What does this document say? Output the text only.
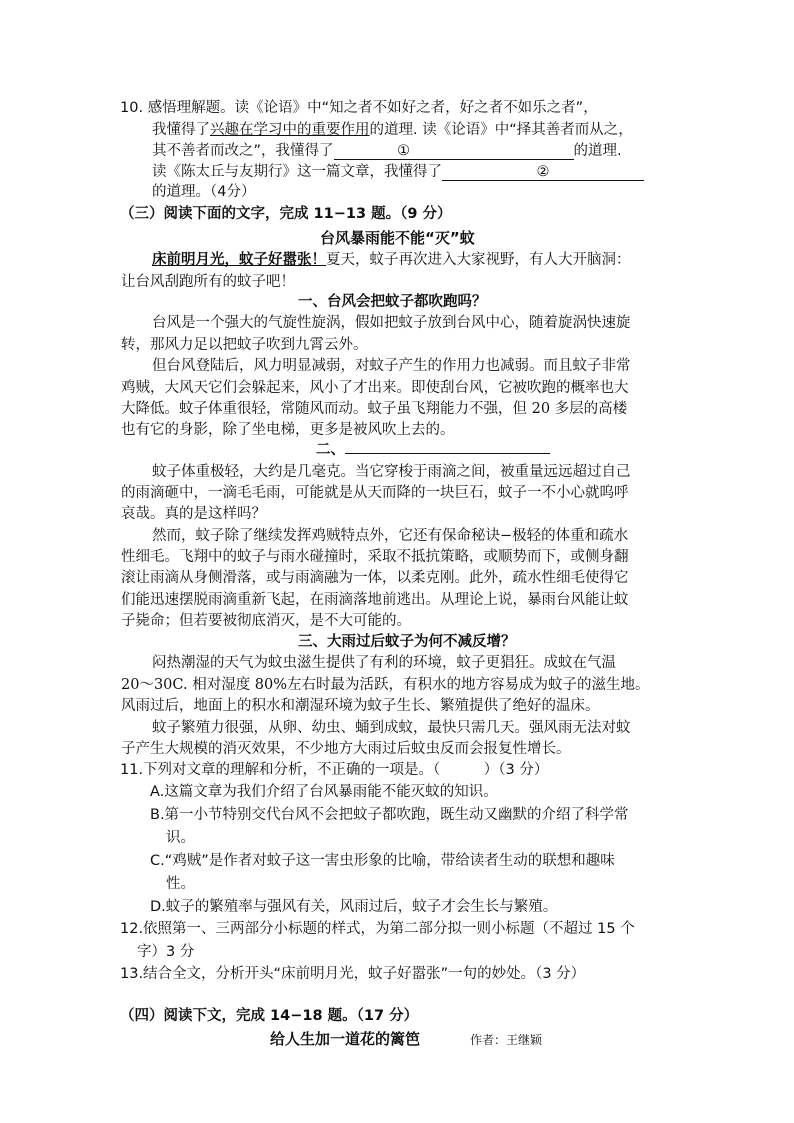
10. 感悟理解题。读《论语》中“知之者不如好之者，好之者不如乐之者”，
我懂得了兴趣在学习中的重要作用的道理. 读《论语》中“择其善者而从之，
其不善者而改之”，我懂得了	①	的道理.
读《陈太丘与友期行》这一篇文章，我懂得了	②
的道理。（4分）
（三）阅读下面的文字，完成 11−13 题。（9 分）
台风暴雨能不能“灭”蚊
床前明月光，蚊子好嚣张！夏天，蚊子再次进入大家视野，有人大开脑洞：
让台风刮跑所有的蚊子吧！
一、台风会把蚊子都吹跑吗？
台风是一个强大的气旋性旋涡，假如把蚊子放到台风中心，随着旋涡快速旋
转，那风力足以把蚊子吹到九霄云外。
但台风登陆后，风力明显减弱，对蚊子产生的作用力也减弱。而且蚊子非常
鸡贼，大风天它们会躲起来，风小了才出来。即使刮台风，它被吹跑的概率也大
大降低。蚊子体重很轻，常随风而动。蚊子虽飞翔能力不强，但 20 多层的高楼
也有它的身影，除了坐电梯，更多是被风吹上去的。
二、
蚊子体重极轻，大约是几毫克。当它穿梭于雨滴之间，被重量远远超过自己
的雨滴砸中，一滴毛毛雨，可能就是从天而降的一块巨石，蚊子一不小心就呜呼
哀哉。真的是这样吗？
然而，蚊子除了继续发挥鸡贼特点外，它还有保命秘诀−极轻的体重和疏水
性细毛。飞翔中的蚊子与雨水碰撞时，采取不抵抗策略，或顺势而下，或侧身翻
滚让雨滴从身侧滑落，或与雨滴融为一体，以柔克刚。此外，疏水性细毛使得它
们能迅速摆脱雨滴重新飞起，在雨滴落地前逃出。从理论上说，暴雨台风能让蚊
子毙命；但若要被彻底消灭，是不大可能的。
三、大雨过后蚊子为何不减反增？
闷热潮湿的天气为蚊虫滋生提供了有利的环境，蚊子更猖狂。成蚊在气温
20～30C. 相对湿度 80%左右时最为活跃，有积水的地方容易成为蚊子的滋生地。
风雨过后，地面上的积水和潮湿环境为蚊子生长、繁殖提供了绝好的温床。
蚊子繁殖力很强，从卵、幼虫、蛹到成蚊，最快只需几天。强风雨无法对蚊
子产生大规模的消灭效果，不少地方大雨过后蚊虫反而会报复性增长。
11.下列对文章的理解和分析，不正确的一项是。（　　　）（3 分）
A.这篇文章为我们介绍了台风暴雨能不能灭蚊的知识。
B.第一小节特别交代台风不会把蚊子都吹跑，既生动又幽默的介绍了科学常
识。
C.“鸡贼”是作者对蚊子这一害虫形象的比喻，带给读者生动的联想和趣味
性。
D.蚊子的繁殖率与强风有关，风雨过后，蚊子才会生长与繁殖。
12.依照第一、三两部分小标题的样式，为第二部分拟一则小标题（不超过 15 个
字）3 分
13.结合全文，分析开头“床前明月光，蚊子好嚣张”一句的妙处。（3 分）
（四）阅读下文，完成 14−18 题。（17 分）
给人生加一道花的篱笆	作者：王继颖
